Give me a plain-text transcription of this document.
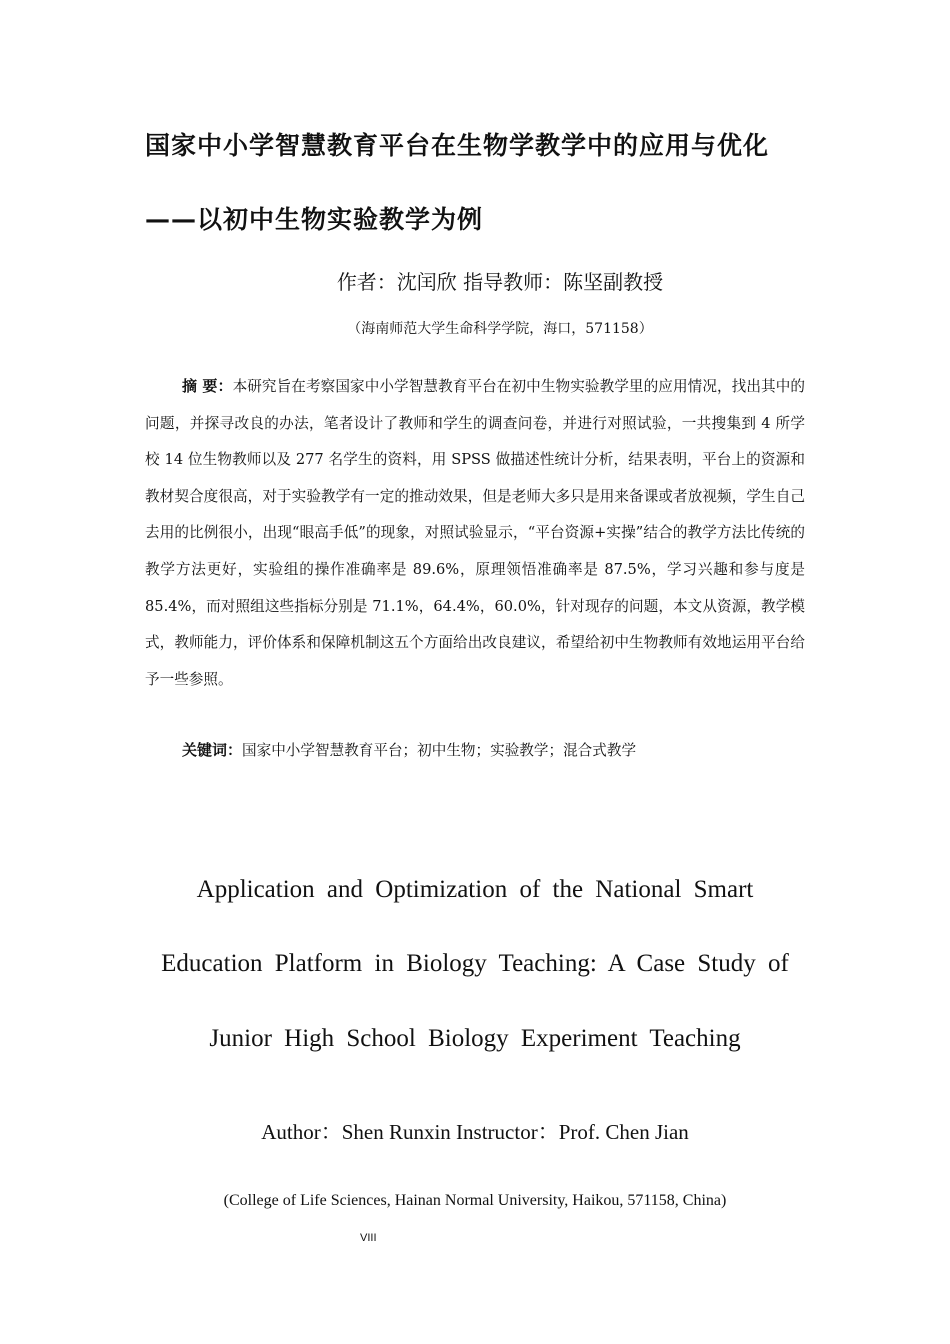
国家中小学智慧教育平台在生物学教学中的应用与优化
——以初中生物实验教学为例
作者：沈闰欣 指导教师：陈坚副教授
（海南师范大学生命科学学院，海口，571158）
摘 要：本研究旨在考察国家中小学智慧教育平台在初中生物实验教学里的应用情况，找出其中的问题，并探寻改良的办法，笔者设计了教师和学生的调查问卷，并进行对照试验，一共搜集到 4 所学校 14 位生物教师以及 277 名学生的资料，用 SPSS 做描述性统计分析，结果表明，平台上的资源和教材契合度很高，对于实验教学有一定的推动效果，但是老师大多只是用来备课或者放视频，学生自己去用的比例很小，出现“眼高手低”的现象，对照试验显示，“平台资源+实操”结合的教学方法比传统的教学方法更好，实验组的操作准确率是 89.6%，原理领悟准确率是 87.5%，学习兴趣和参与度是 85.4%，而对照组这些指标分别是 71.1%，64.4%，60.0%，针对现存的问题，本文从资源，教学模式，教师能力，评价体系和保障机制这五个方面给出改良建议，希望给初中生物教师有效地运用平台给予一些参照。
关键词：国家中小学智慧教育平台；初中生物；实验教学；混合式教学
Application and Optimization of the National Smart
Education Platform in Biology Teaching: A Case Study of
Junior High School Biology Experiment Teaching
Author：Shen Runxin Instructor：Prof. Chen Jian
(College of Life Sciences, Hainan Normal University, Haikou, 571158, China)
VIII
